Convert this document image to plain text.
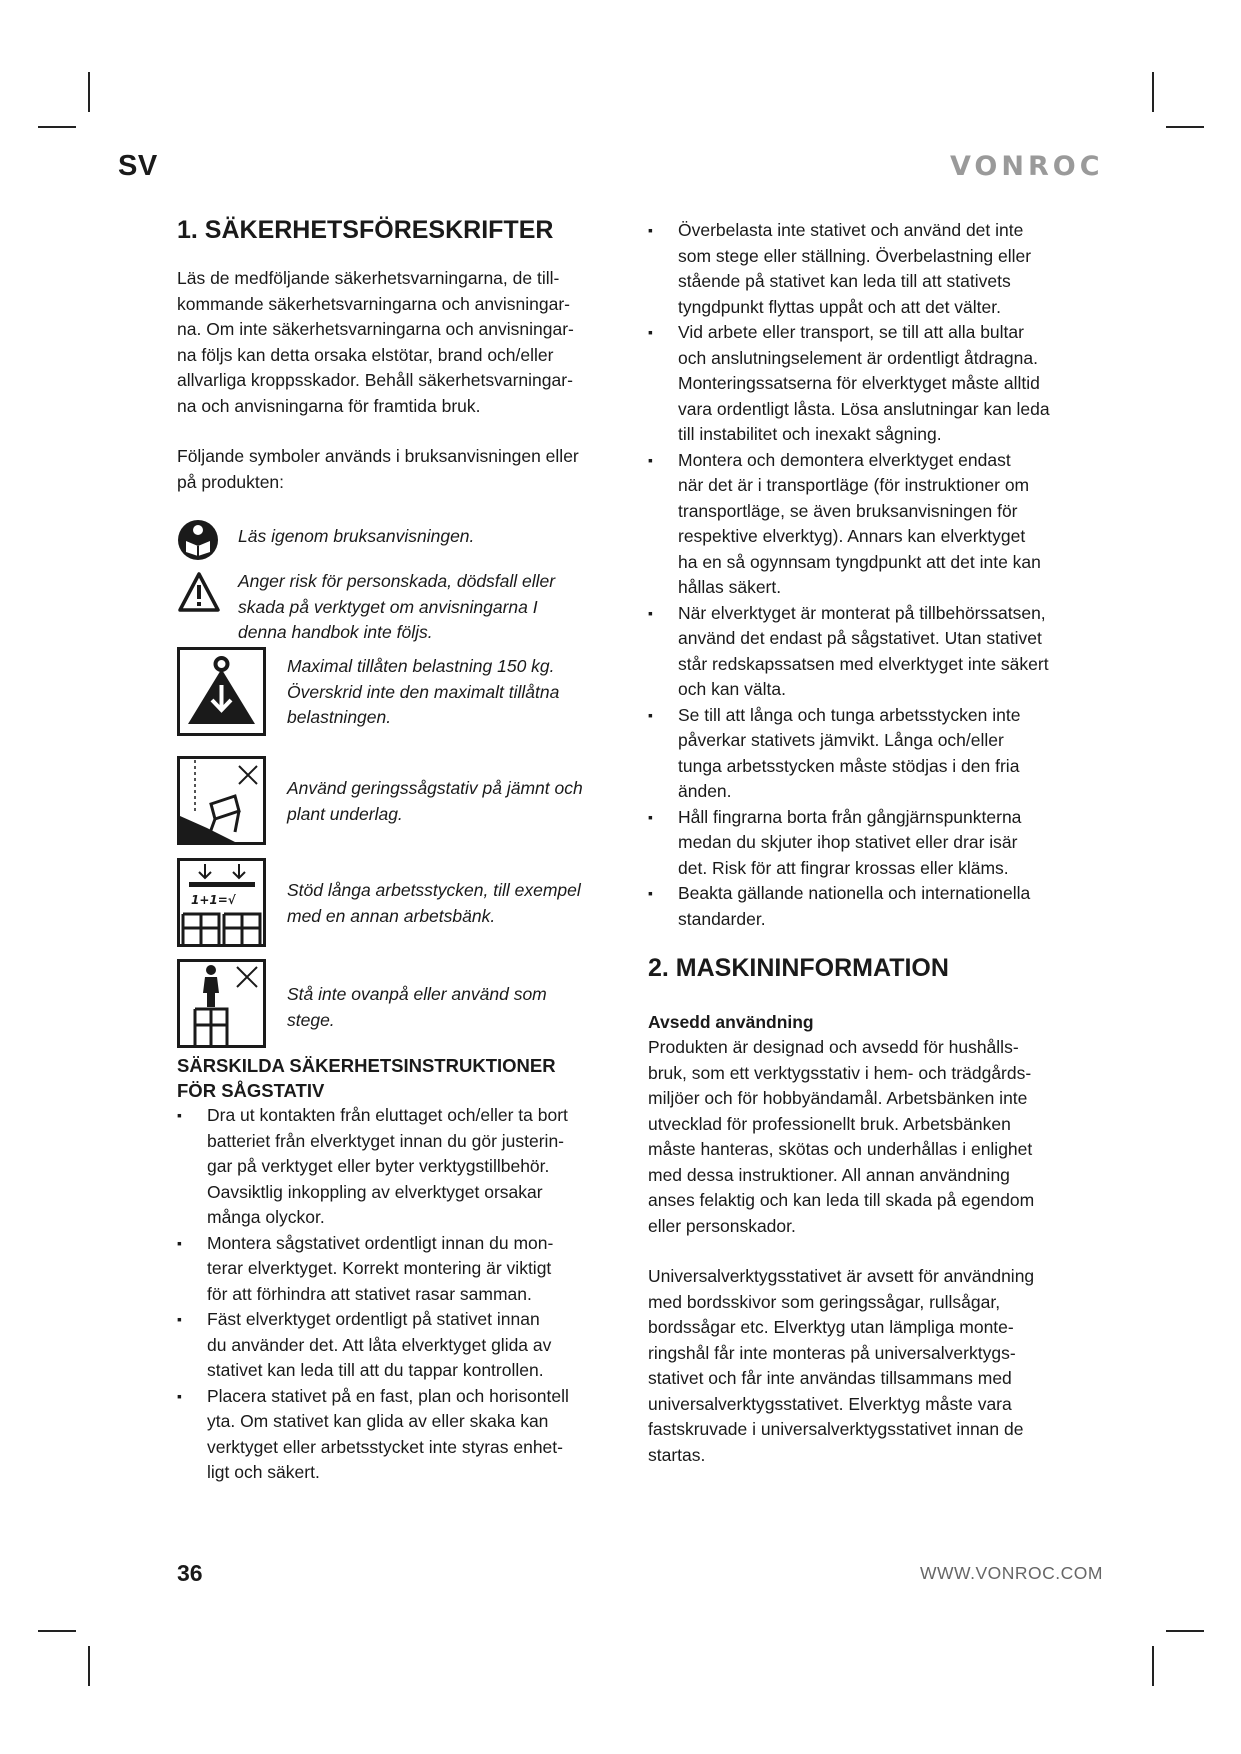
SV	VONROC
1. SÄKERHETSFÖRESKRIFTER

Läs de medföljande säkerhetsvarningarna, de till-
kommande säkerhetsvarningarna och anvisningar-
na. Om inte säkerhetsvarningarna och anvisningar-
na följs kan detta orsaka elstötar, brand och/eller
allvarliga kroppsskador. Behåll säkerhetsvarningar-
na och anvisningarna för framtida bruk.

Följande symboler används i bruksanvisningen eller
på produkten:

Läs igenom bruksanvisningen.
Anger risk för personskada, dödsfall eller
skada på verktyget om anvisningarna I
denna handbok inte följs.
Maximal tillåten belastning 150 kg.
Överskrid inte den maximalt tillåtna
belastningen.
Använd geringssågstativ på jämnt och
plant underlag.
1+1=√	Stöd långa arbetsstycken, till exempel
med en annan arbetsbänk.
Stå inte ovanpå eller använd som
stege.
SÄRSKILDA SÄKERHETSINSTRUKTIONER
FÖR SÅGSTATIV
▪ Dra ut kontakten från eluttaget och/eller ta bort
batteriet från elverktyget innan du gör justerin-
gar på verktyget eller byter verktygstillbehör.
Oavsiktlig inkoppling av elverktyget orsakar
många olyckor.
▪ Montera sågstativet ordentligt innan du mon-
terar elverktyget. Korrekt montering är viktigt
för att förhindra att stativet rasar samman.
▪ Fäst elverktyget ordentligt på stativet innan
du använder det. Att låta elverktyget glida av
stativet kan leda till att du tappar kontrollen.
▪ Placera stativet på en fast, plan och horisontell
yta. Om stativet kan glida av eller skaka kan
verktyget eller arbetsstycket inte styras enhet-
ligt och säkert.
▪ Överbelasta inte stativet och använd det inte
som stege eller ställning. Överbelastning eller
stående på stativet kan leda till att stativets
tyngdpunkt flyttas uppåt och att det välter.
▪ Vid arbete eller transport, se till att alla bultar
och anslutningselement är ordentligt åtdragna.
Monteringssatserna för elverktyget måste alltid
vara ordentligt låsta. Lösa anslutningar kan leda
till instabilitet och inexakt sågning.
▪ Montera och demontera elverktyget endast
när det är i transportläge (för instruktioner om
transportläge, se även bruksanvisningen för
respektive elverktyg). Annars kan elverktyget
ha en så ogynnsam tyngdpunkt att det inte kan
hållas säkert.
▪ När elverktyget är monterat på tillbehörssatsen,
använd det endast på sågstativet. Utan stativet
står redskapssatsen med elverktyget inte säkert
och kan välta.
▪ Se till att långa och tunga arbetsstycken inte
påverkar stativets jämvikt. Långa och/eller
tunga arbetsstycken måste stödjas i den fria
änden.
▪ Håll fingrarna borta från gångjärnspunkterna
medan du skjuter ihop stativet eller drar isär
det. Risk för att fingrar krossas eller kläms.
▪ Beakta gällande nationella och internationella
standarder.
2. MASKININFORMATION
Avsedd användning

Produkten är designad och avsedd för hushålls-
bruk, som ett verktygsstativ i hem- och trädgårds-
miljöer och för hobbyändamål. Arbetsbänken inte
utvecklad för professionellt bruk. Arbetsbänken
måste hanteras, skötas och underhållas i enlighet
med dessa instruktioner. All annan användning
anses felaktig och kan leda till skada på egendom
eller personskador.

Universalverktygsstativet är avsett för användning
med bordsskivor som geringssågar, rullsågar,
bordssågar etc. Elverktyg utan lämpliga monte-
ringshål får inte monteras på universalverktygs-
stativet och får inte användas tillsammans med
universalverktygsstativet. Elverktyg måste vara
fastskruvade i universalverktygsstativet innan de
startas.

36	WWW.VONROC.COM
